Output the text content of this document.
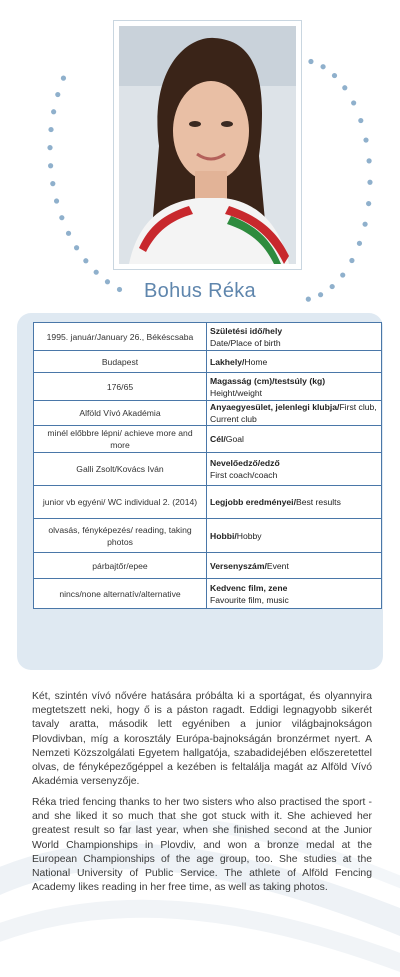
Bohus Réka
1995. január/January 26., Békéscsaba	Születési idő/hely
Date/Place of birth
Budapest	Lakhely/Home
176/65	Magasság (cm)/testsúly (kg)
Height/weight
Alföld Vívó Akadémia	Anyaegyesület, jelenlegi klubja/First club, Current club
minél előbbre lépni/ achieve more and more	Cél/Goal
Galli Zsolt/Kovács Iván	Nevelőedző/edző
First coach/coach
junior vb egyéni/ WC individual 2. (2014)	Legjobb eredményei/Best results
olvasás, fényképezés/ reading, taking photos	Hobbi/Hobby
párbajtőr/epee	Versenyszám/Event
nincs/none alternatív/alternative	Kedvenc film, zene
Favourite film, music
Két, szintén vívó nővére hatására próbálta ki a sportágat, és olyannyira megtetszett neki, hogy ő is a páston ragadt. Eddigi legnagyobb sikerét tavaly aratta, második lett egyéniben a junior világbajnokságon Plovdivban, míg a korosztály Európa-bajnokságán bronzérmet nyert. A Nemzeti Közszolgálati Egyetem hallgatója, szabadidejében előszeretettel olvas, de fényképezőgéppel a kezében is feltalálja magát az Alföld Vívó Akadémia versenyzője.
Réka tried fencing thanks to her two sisters who also practised the sport - and she liked it so much that she got stuck with it. She achieved her greatest result so far last year, when she finished second at the Junior World Championships in Plovdiv, and won a bronze medal at the European Championships of the age group, too. She studies at the National University of Public Service. The athlete of Alföld Fencing Academy likes reading in her free time, as well as taking photos.
